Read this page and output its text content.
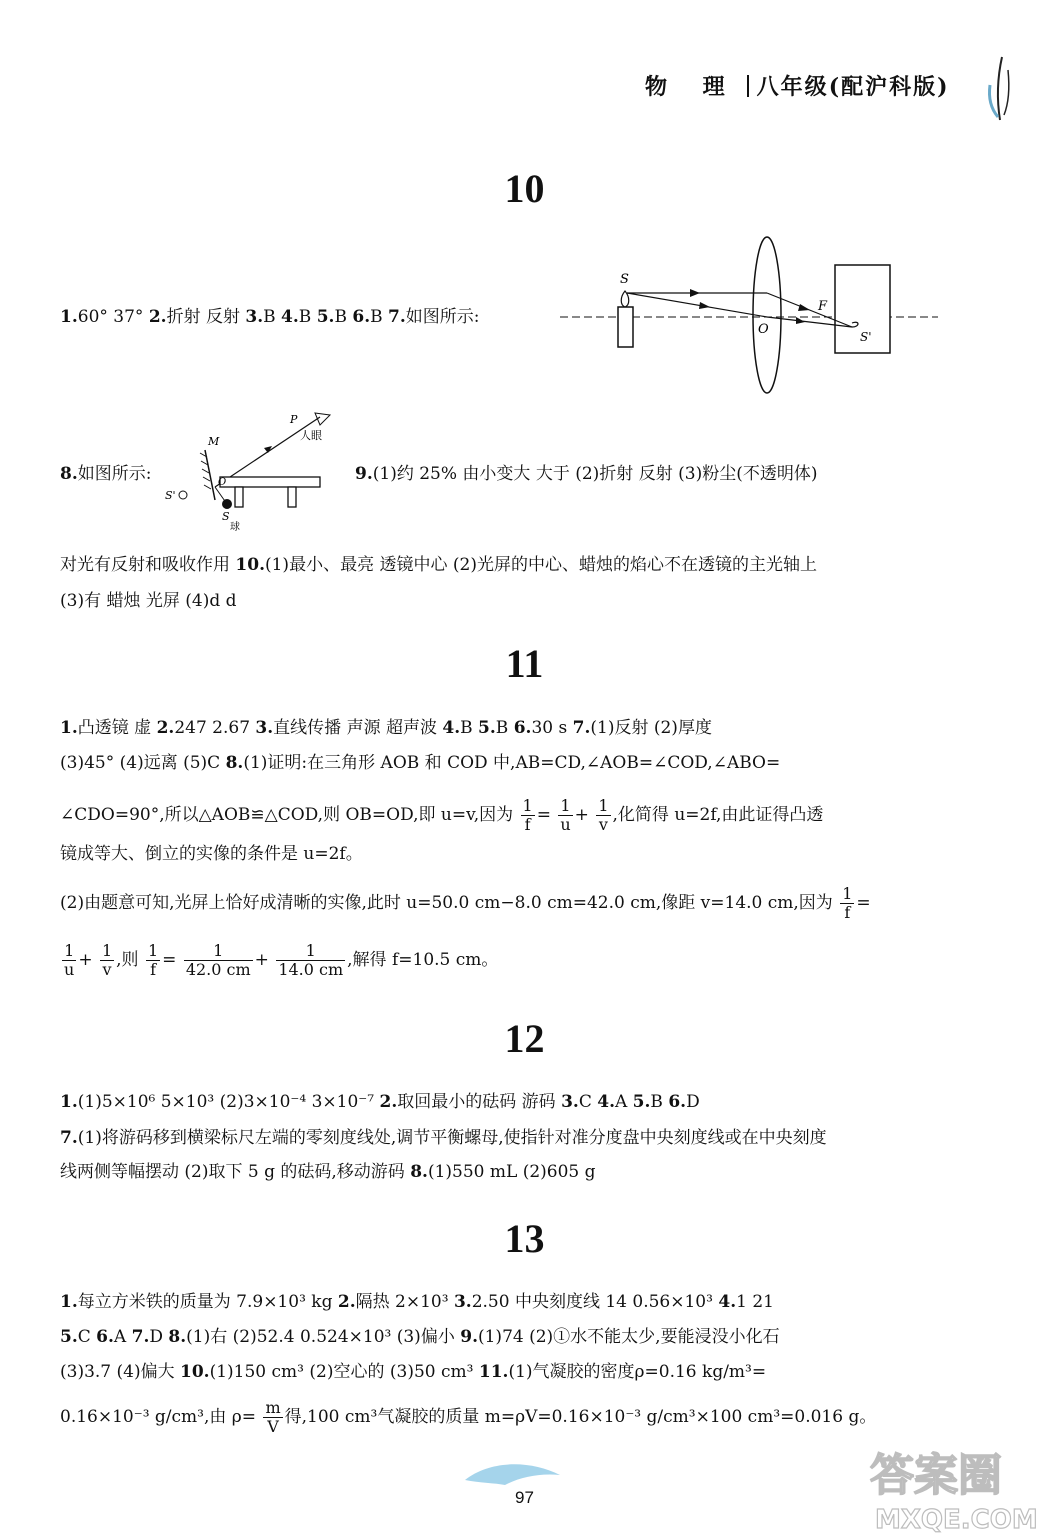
物 理 八年级(配沪科版)
10
1.60° 37° 2.折射 反射 3.B 4.B 5.B 6.B 7.如图所示:
S
O
F
S'
8.如图所示:
M
P
人眼
S'
O
S
球
9.(1)约 25% 由小变大 大于 (2)折射 反射 (3)粉尘(不透明体)
对光有反射和吸收作用 10.(1)最小、最亮 透镜中心 (2)光屏的中心、蜡烛的焰心不在透镜的主光轴上
(3)有 蜡烛 光屏 (4)d d
11
1.凸透镜 虚 2.247 2.67 3.直线传播 声源 超声波 4.B 5.B 6.30 s 7.(1)反射 (2)厚度
(3)45° (4)远离 (5)C 8.(1)证明:在三角形 AOB 和 COD 中,AB=CD,∠AOB=∠COD,∠ABO=
∠CDO=90°,所以△AOB≌△COD,则 OB=OD,即 u=v,因为 $\frac{1}{f} = \frac{1}{u} + \frac{1}{v}$ ,化简得 u=2f,由此证得凸透
镜成等大、倒立的实像的条件是 u=2f。
(2)由题意可知,光屏上恰好成清晰的实像,此时 u=50.0 cm−8.0 cm=42.0 cm,像距 v=14.0 cm,因为 $\frac{1}{f}$ =
$\frac{1}{u} + \frac{1}{v}$ ,则 $\frac{1}{f} = \frac{1}{42.0 cm} + \frac{1}{14.0 cm}$ ,解得 f=10.5 cm。
12
1.(1)5×10⁶ 5×10³ (2)3×10⁻⁴ 3×10⁻⁷ 2.取回最小的砝码 游码 3.C 4.A 5.B 6.D
7.(1)将游码移到横梁标尺左端的零刻度线处,调节平衡螺母,使指针对准分度盘中央刻度线或在中央刻度
线两侧等幅摆动 (2)取下 5 g 的砝码,移动游码 8.(1)550 mL (2)605 g
13
1.每立方米铁的质量为 7.9×10³ kg 2.隔热 2×10³ 3.2.50 中央刻度线 14 0.56×10³ 4.1 21
5.C 6.A 7.D 8.(1)右 (2)52.4 0.524×10³ (3)偏小 9.(1)74 (2)①水不能太少,要能浸没小化石
(3)3.7 (4)偏大 10.(1)150 cm³ (2)空心的 (3)50 cm³ 11.(1)气凝胶的密度ρ=0.16 kg/m³=
0.16×10⁻³ g/cm³,由 $\rho= \frac{m}{V}$ 得,100 cm³气凝胶的质量 m=ρV=0.16×10⁻³ g/cm³×100 cm³=0.016 g。
97	答案圈
MXQE.COM
